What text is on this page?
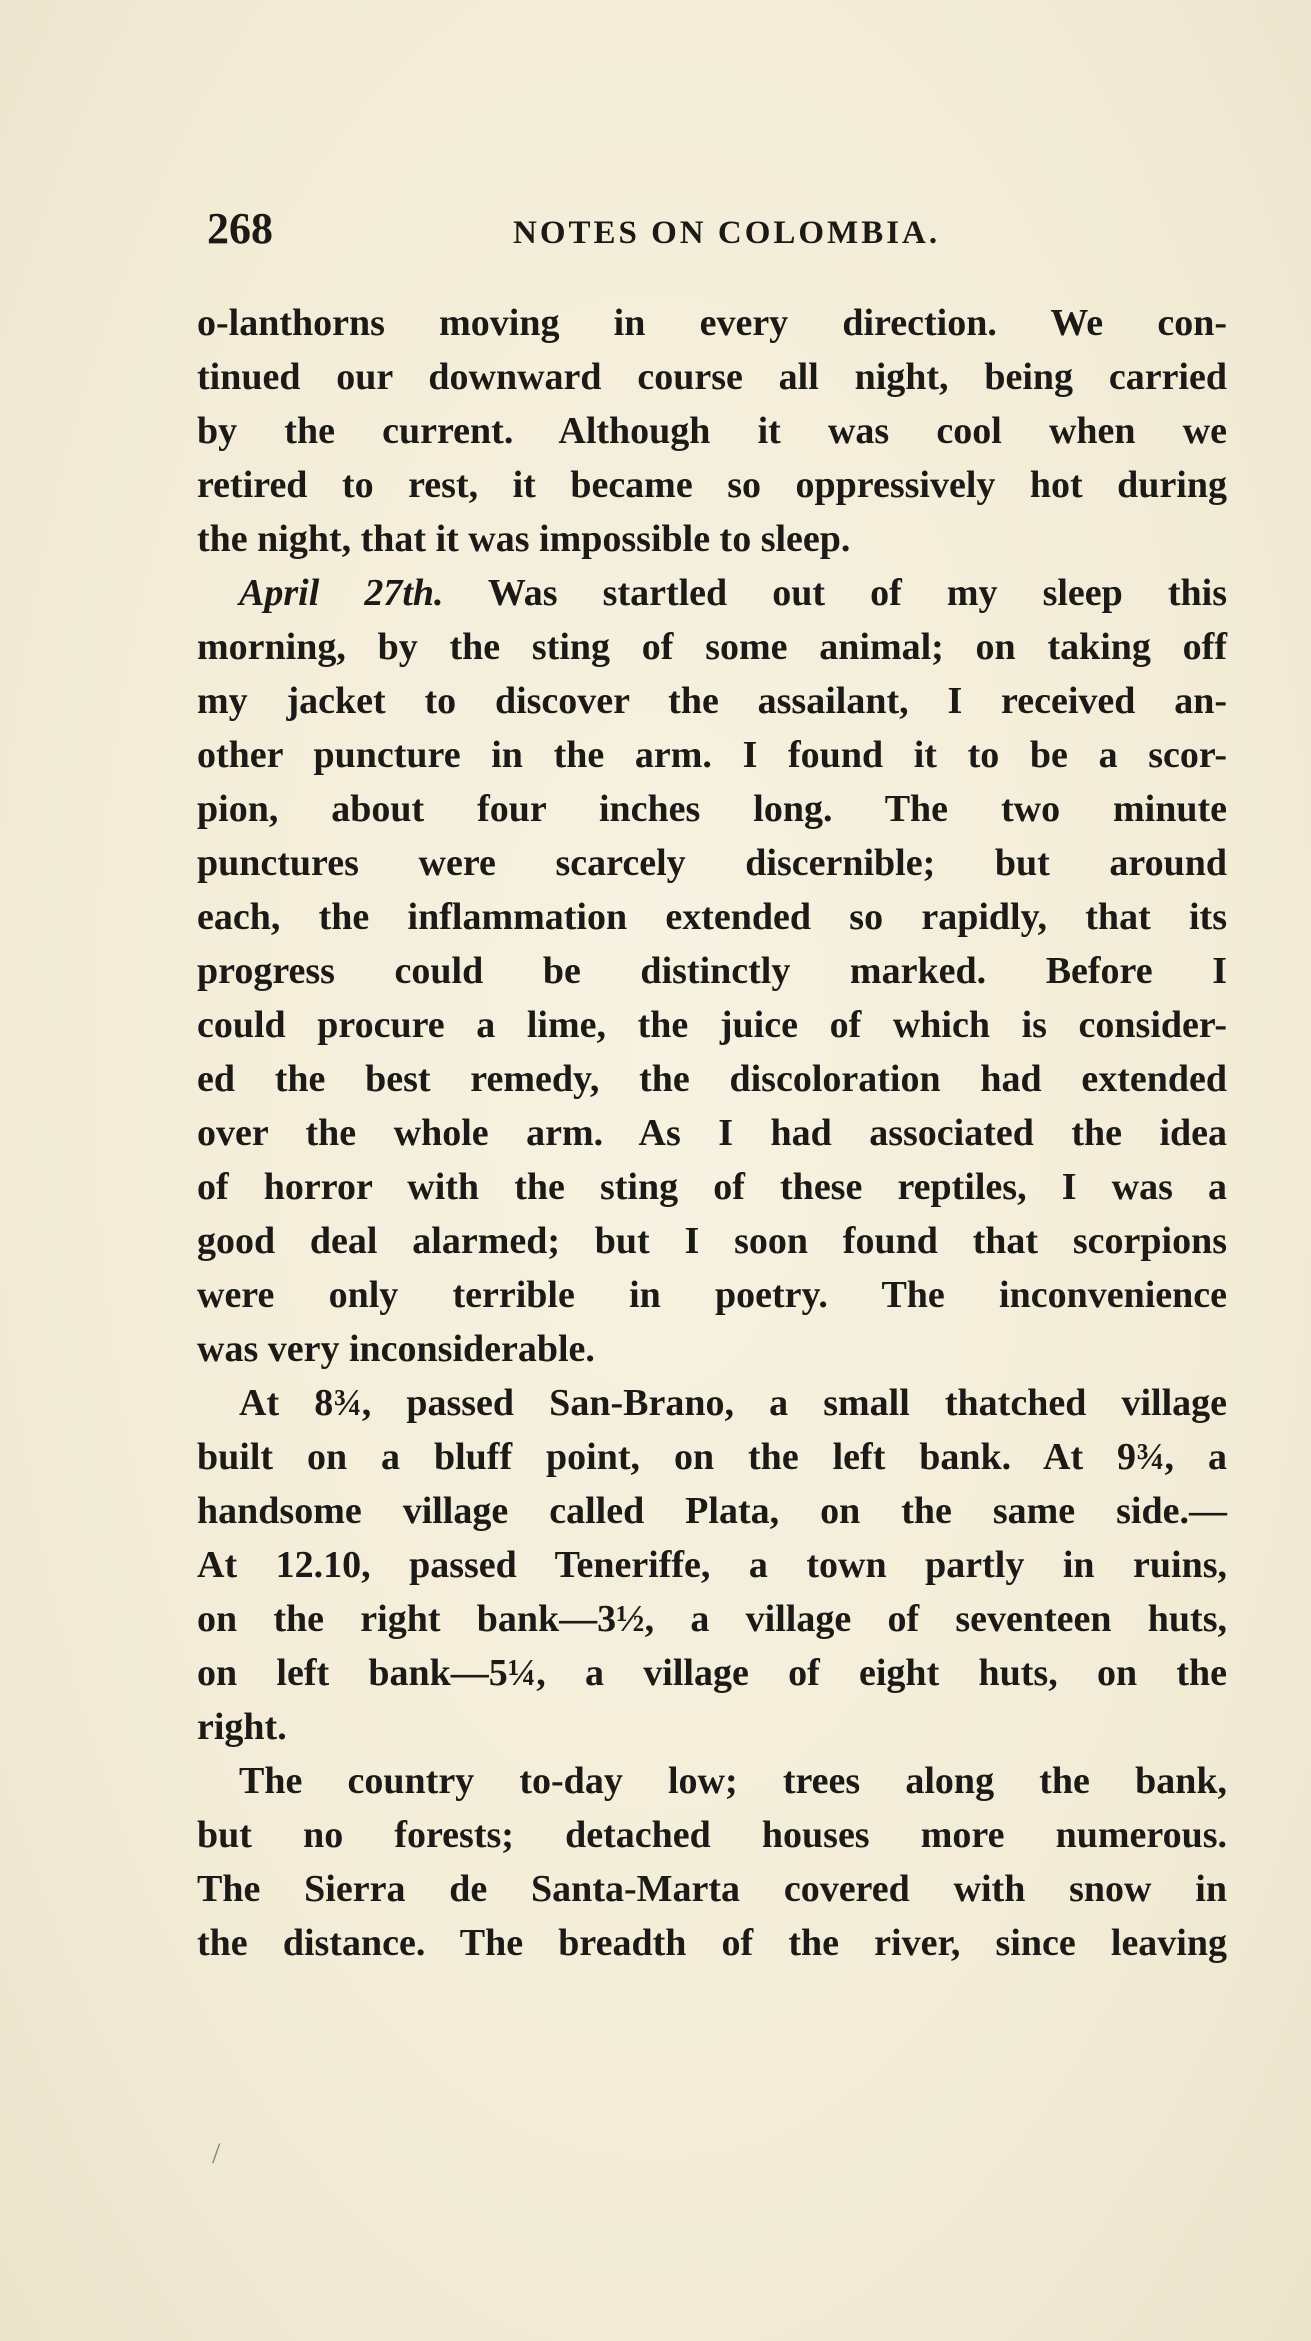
268	NOTES ON COLOMBIA.
o-lanthorns moving in every direction. We con-
tinued our downward course all night, being carried
by the current. Although it was cool when we
retired to rest, it became so oppressively hot during
the night, that it was impossible to sleep.
April 27th. Was startled out of my sleep this
morning, by the sting of some animal; on taking off
my jacket to discover the assailant, I received an-
other puncture in the arm. I found it to be a scor-
pion, about four inches long. The two minute
punctures were scarcely discernible; but around
each, the inflammation extended so rapidly, that its
progress could be distinctly marked. Before I
could procure a lime, the juice of which is consider-
ed the best remedy, the discoloration had extended
over the whole arm. As I had associated the idea
of horror with the sting of these reptiles, I was a
good deal alarmed; but I soon found that scorpions
were only terrible in poetry. The inconvenience
was very inconsiderable.
At 8¾, passed San-Brano, a small thatched village
built on a bluff point, on the left bank. At 9¾, a
handsome village called Plata, on the same side.—
At 12.10, passed Teneriffe, a town partly in ruins,
on the right bank—3½, a village of seventeen huts,
on left bank—5¼, a village of eight huts, on the
right.
The country to-day low; trees along the bank,
but no forests; detached houses more numerous.
The Sierra de Santa-Marta covered with snow in
the distance. The breadth of the river, since leaving
/
